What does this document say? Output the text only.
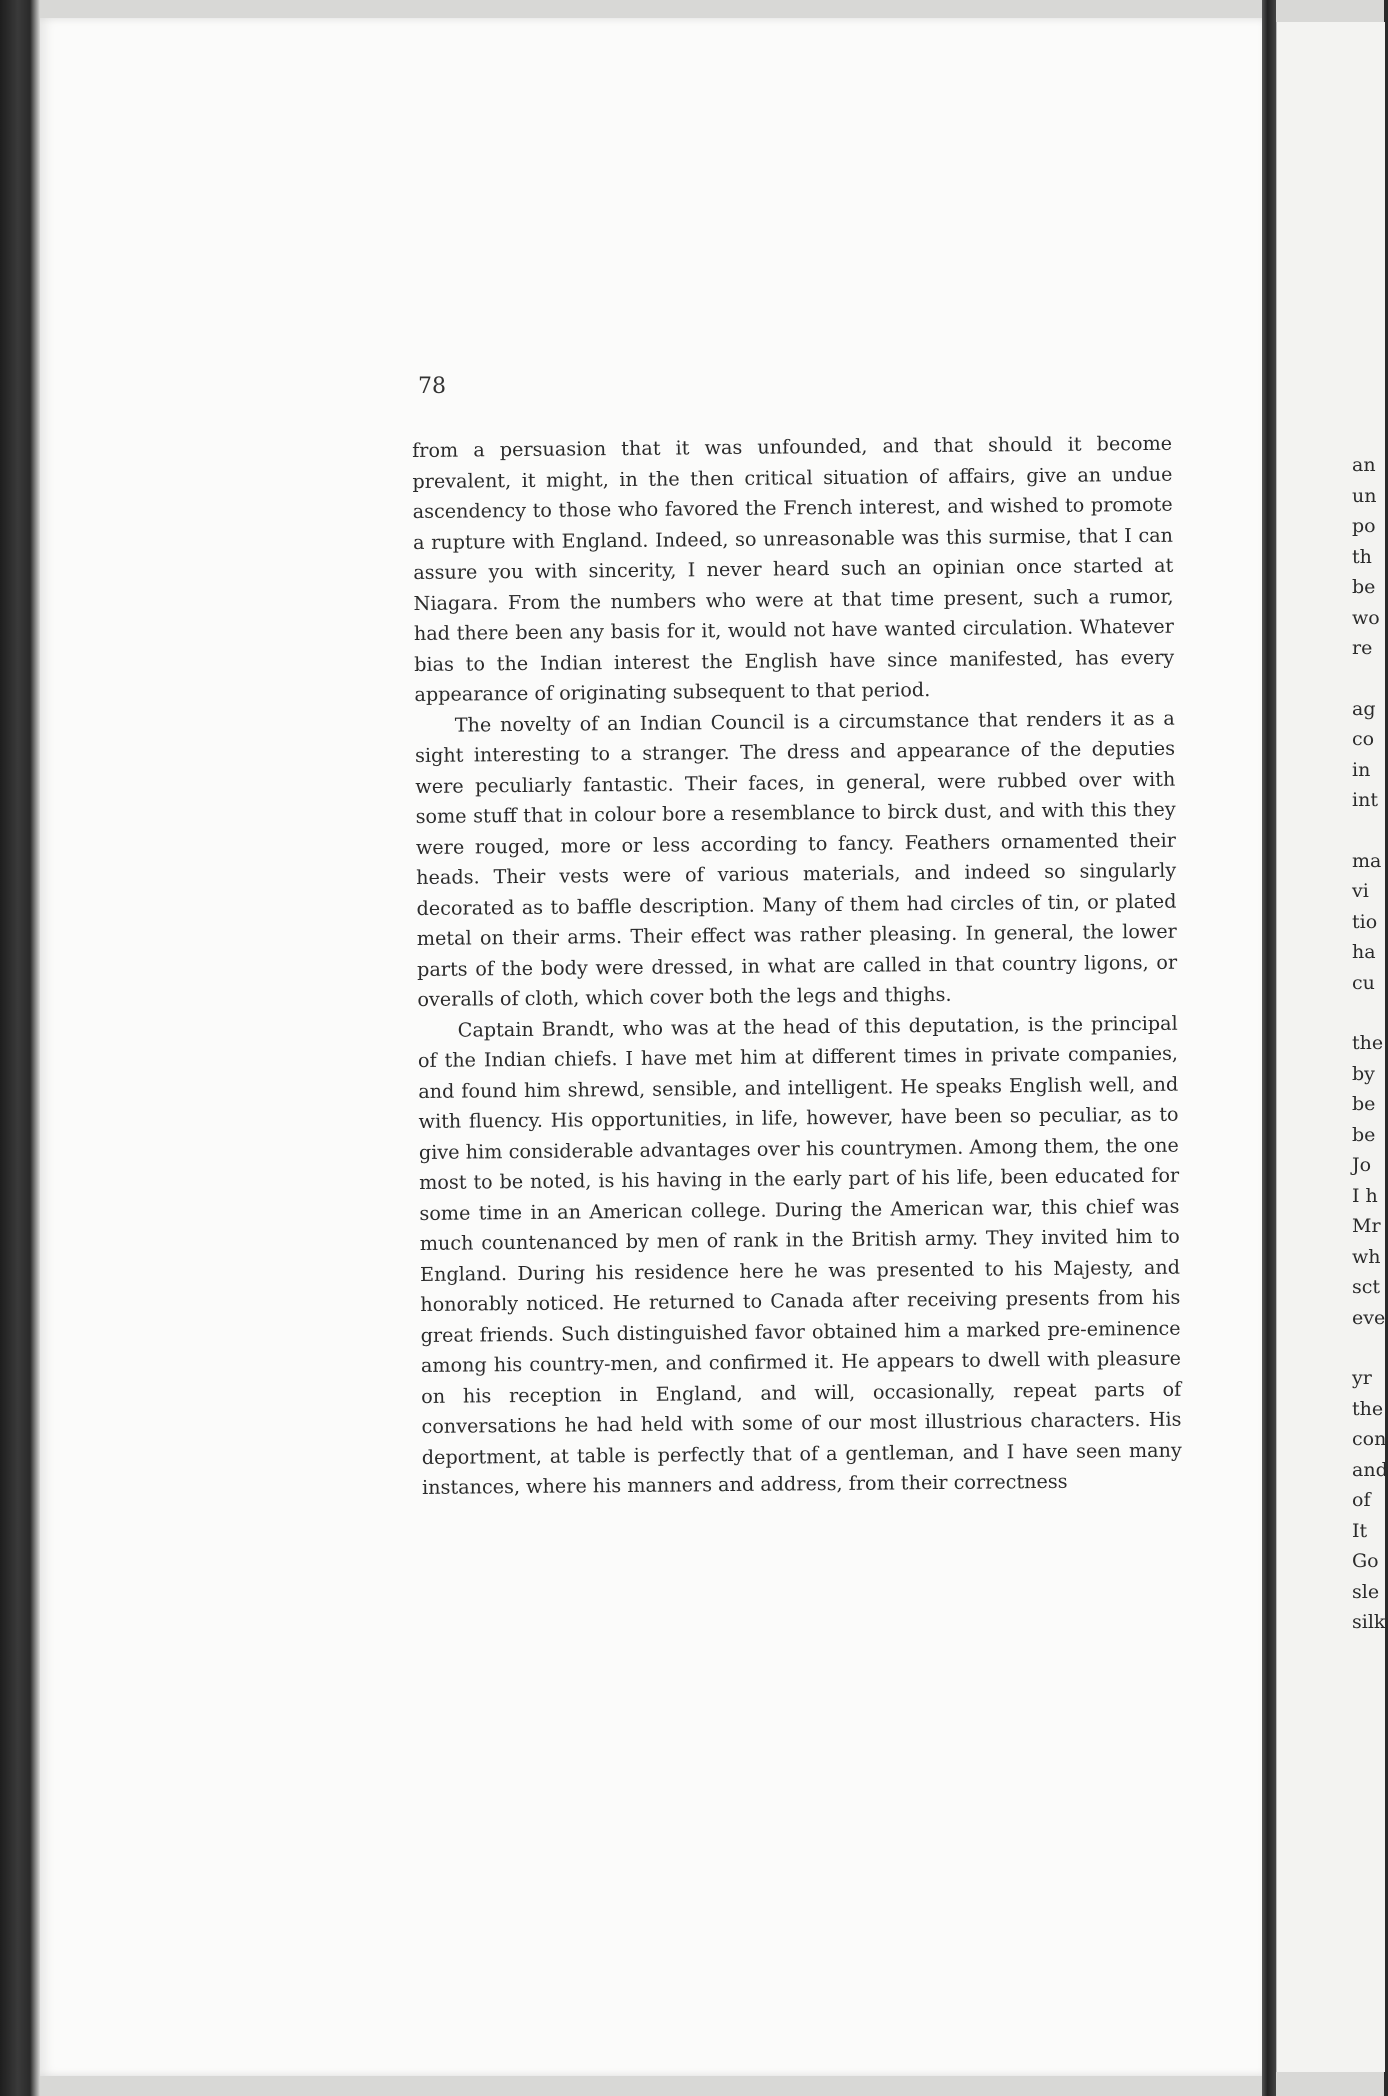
78

from a persuasion that it was unfounded, and that should it become prevalent, it might, in the then critical situation of affairs, give an undue ascendency to those who favored the French interest, and wished to promote a rupture with England. Indeed, so unreasonable was this surmise, that I can assure you with sincerity, I never heard such an opinian once started at Niagara. From the numbers who were at that time present, such a rumor, had there been any basis for it, would not have wanted circulation. Whatever bias to the Indian interest the English have since manifested, has every appearance of originating subsequent to that period.

The novelty of an Indian Council is a circumstance that renders it as a sight interesting to a stranger. The dress and appearance of the deputies were peculiarly fantastic. Their faces, in general, were rubbed over with some stuff that in colour bore a resemblance to birck dust, and with this they were rouged, more or less according to fancy. Feathers ornamented their heads. Their vests were of various materials, and indeed so singularly decorated as to baffle description. Many of them had circles of tin, or plated metal on their arms. Their effect was rather pleasing. In general, the lower parts of the body were dressed, in what are called in that country ligons, or overalls of cloth, which cover both the legs and thighs.

Captain Brandt, who was at the head of this deputation, is the principal of the Indian chiefs. I have met him at different times in private companies, and found him shrewd, sensible, and intelligent. He speaks English well, and with fluency. His opportunities, in life, however, have been so peculiar, as to give him considerable advantages over his countrymen. Among them, the one most to be noted, is his having in the early part of his life, been educated for some time in an American college. During the American war, this chief was much countenanced by men of rank in the British army. They invited him to England. During his residence here he was presented to his Majesty, and honorably noticed. He returned to Canada after receiving presents from his great friends. Such distinguished favor obtained him a marked pre-eminence among his country-men, and confirmed it. He appears to dwell with pleasure on his reception in England, and will, occasionally, repeat parts of conversations he had held with some of our most illustrious characters. His deportment, at table is perfectly that of a gentleman, and I have seen many instances, where his manners and address, from their correctness

an
un
po
th
be
wo
re
ag
co
in
int
ma
vi
tio
ha
cu
the
by
be
be
Jo
I h
Mr
wh
sct
eve
yr
the
con
and
of
It
Go
sle
silk
